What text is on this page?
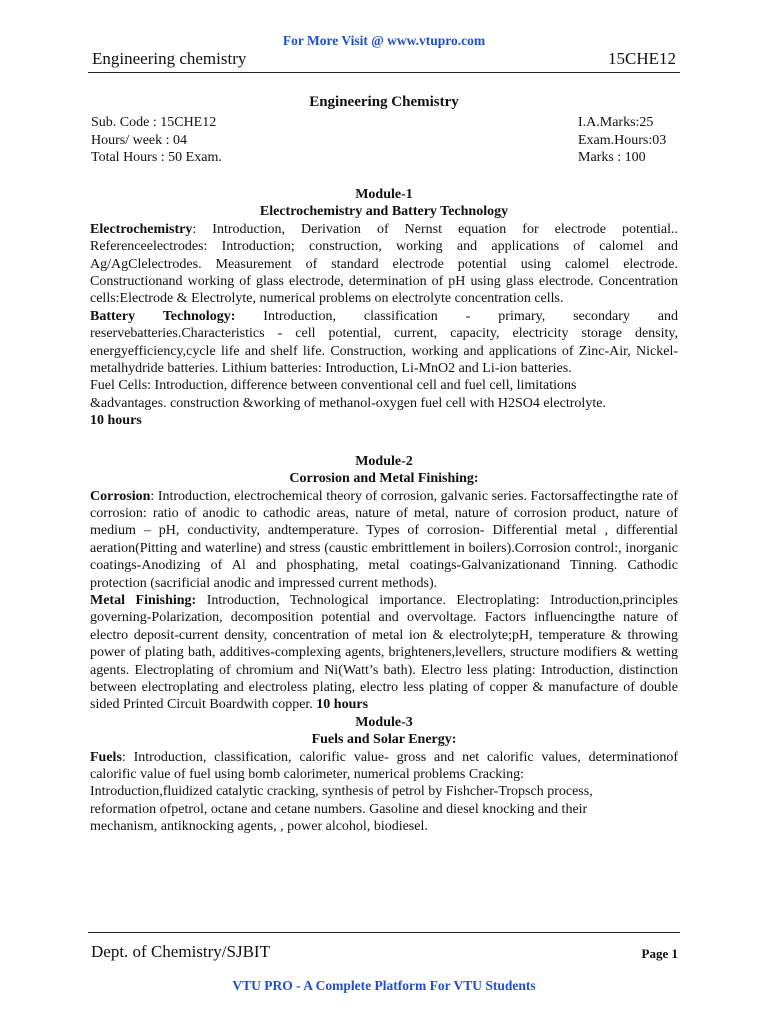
For More Visit @ www.vtupro.com
Engineering chemistry	15CHE12
Engineering Chemistry
Sub. Code : 15CHE12
Hours/ week : 04
Total Hours : 50 Exam.
I.A.Marks:25
Exam.Hours:03
Marks : 100
Module-1
Electrochemistry and Battery Technology

Electrochemistry: Introduction, Derivation of Nernst equation for electrode potential.. Referenceelectrodes: Introduction; construction, working and applications of calomel and Ag/AgClelectrodes. Measurement of standard electrode potential using calomel electrode. Constructionand working of glass electrode, determination of pH using glass electrode. Concentration cells:Electrode & Electrolyte, numerical problems on electrolyte concentration cells.

Battery Technology: Introduction, classification - primary, secondary and reservebatteries.Characteristics - cell potential, current, capacity, electricity storage density, energyefficiency,cycle life and shelf life. Construction, working and applications of Zinc-Air, Nickel- metalhydride batteries. Lithium batteries: Introduction, Li-MnO2 and Li-ion batteries.

Fuel Cells: Introduction, difference between conventional cell and fuel cell, limitations

&advantages. construction &working of methanol-oxygen fuel cell with H2SO4 electrolyte.

10 hours

Module-2
Corrosion and Metal Finishing:

Corrosion: Introduction, electrochemical theory of corrosion, galvanic series. Factorsaffectingthe rate of corrosion: ratio of anodic to cathodic areas, nature of metal, nature of corrosion product, nature of medium – pH, conductivity, andtemperature. Types of corrosion- Differential metal , differential aeration(Pitting and waterline) and stress (caustic embrittlement in boilers).Corrosion control:, inorganic coatings-Anodizing of Al and phosphating, metal coatings-Galvanizationand Tinning. Cathodic protection (sacrificial anodic and impressed current methods).

Metal Finishing: Introduction, Technological importance. Electroplating: Introduction,principles governing-Polarization, decomposition potential and overvoltage. Factors influencingthe nature of electro deposit-current density, concentration of metal ion & electrolyte;pH, temperature & throwing power of plating bath, additives-complexing agents, brighteners,levellers, structure modifiers & wetting agents. Electroplating of chromium and Ni(Watt’s bath). Electro less plating: Introduction, distinction between electroplating and electroless plating, electro less plating of copper & manufacture of double sided Printed Circuit Boardwith copper. 10 hours

Module-3
Fuels and Solar Energy:

Fuels: Introduction, classification, calorific value- gross and net calorific values, determinationof calorific value of fuel using bomb calorimeter, numerical problems Cracking:

Introduction,fluidized catalytic cracking, synthesis of petrol by Fishcher-Tropsch process,

reformation ofpetrol, octane and cetane numbers. Gasoline and diesel knocking and their

mechanism, antiknocking agents, , power alcohol, biodiesel.

Dept. of Chemistry/SJBIT	Page 1
VTU PRO - A Complete Platform For VTU Students
